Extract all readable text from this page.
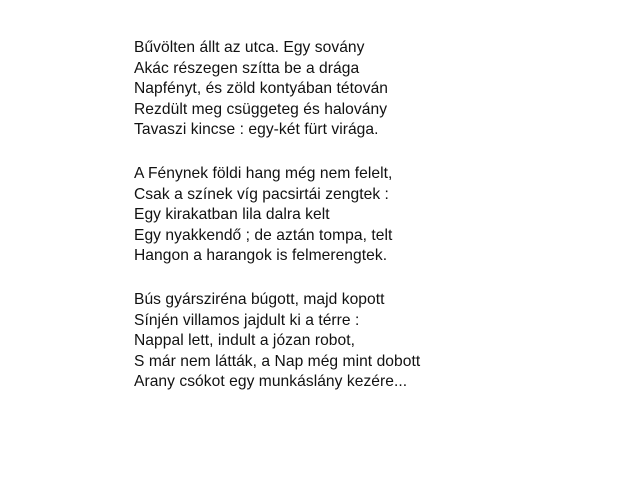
Bűvölten állt az utca. Egy sovány
Akác részegen szítta be a drága
Napfényt, és zöld kontyában tétován
Rezdült meg csüggeteg és halovány
Tavaszi kincse : egy-két fürt virága.
A Fénynek földi hang még nem felelt,
Csak a színek víg pacsirtái zengtek :
Egy kirakatban lila dalra kelt
Egy nyakkendő ; de aztán tompa, telt
Hangon a harangok is felmerengtek.
Bús gyársziréna búgott, majd kopott
Sínjén villamos jajdult ki a térre :
Nappal lett, indult a józan robot,
S már nem látták, a Nap még mint dobott
Arany csókot egy munkáslány kezére...
